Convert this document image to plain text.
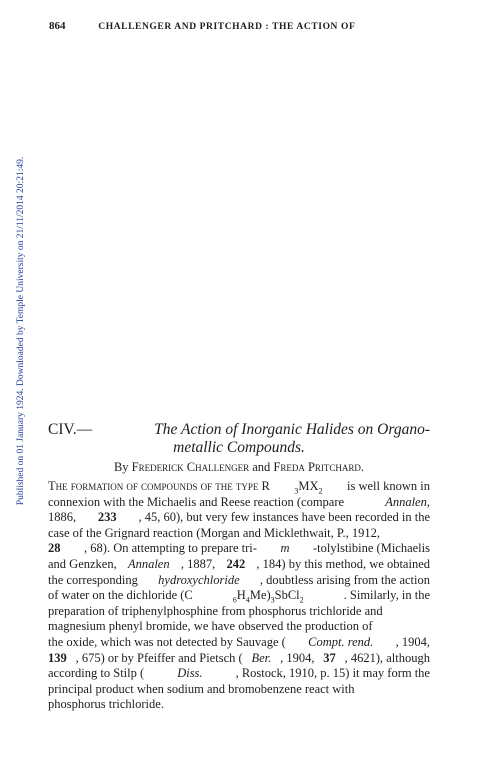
864	CHALLENGER AND PRITCHARD : THE ACTION OF
Published on 01 January 1924. Downloaded by Temple University on 21/11/2014 20:21:49. CIV.—	The Action of Inorganic Halides on Organo-
metallic Compounds.
By Frederick Challenger and Freda Pritchard.
The formation of compounds of the type R	$_3MX_2$ is well known in
connexion with the Michaelis and Reese reaction (compare	Annalen,
1886, 233 , 45, 60), but very few instances have been recorded in the
case of the Grignard reaction (Morgan and Micklethwait, P., 1912,
28 , 68). On attempting to prepare tri- m -tolylstibine (Michaelis
and Genzken, Annalen , 1887, 242 , 184) by this method, we obtained
the corresponding hydroxychloride , doubtless arising from the action
of water on the dichloride (C	$_6H_4Me)_3SbCl_2$	. Similarly, in the
preparation of triphenylphosphine from phosphorus trichloride and
magnesium phenyl bromide, we have observed the production of
the oxide, which was not detected by Sauvage ( Compt. rend. , 1904,
139 , 675) or by Pfeiffer and Pietsch ( Ber. , 1904, 37 , 4621), although
according to Stilp (	Diss.	, Rostock, 1910, p. 15) it may form the
principal product when sodium and bromobenzene react with
phosphorus trichloride.
